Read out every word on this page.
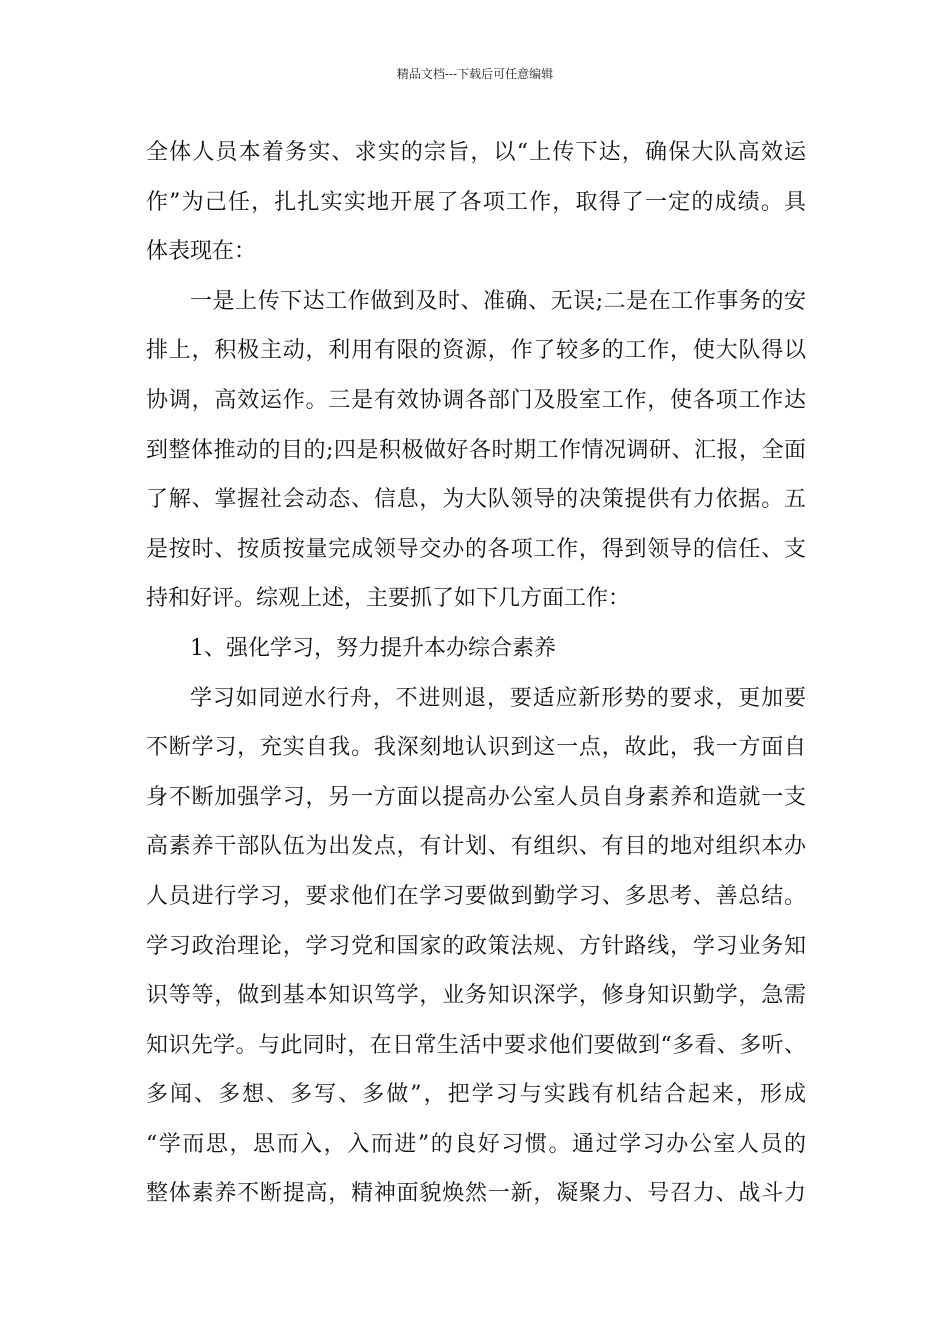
精品文档---下载后可任意编辑
全体人员本着务实、求实的宗旨，以“上传下达，确保大队高效运
作”为己任，扎扎实实地开展了各项工作，取得了一定的成绩。具
体表现在：
一是上传下达工作做到及时、准确、无误;二是在工作事务的安
排上，积极主动，利用有限的资源，作了较多的工作，使大队得以
协调，高效运作。三是有效协调各部门及股室工作，使各项工作达
到整体推动的目的;四是积极做好各时期工作情况调研、汇报，全面
了解、掌握社会动态、信息，为大队领导的决策提供有力依据。五
是按时、按质按量完成领导交办的各项工作，得到领导的信任、支
持和好评。综观上述，主要抓了如下几方面工作：
1、强化学习，努力提升本办综合素养
学习如同逆水行舟，不进则退，要适应新形势的要求，更加要
不断学习，充实自我。我深刻地认识到这一点，故此，我一方面自
身不断加强学习，另一方面以提高办公室人员自身素养和造就一支
高素养干部队伍为出发点，有计划、有组织、有目的地对组织本办
人员进行学习，要求他们在学习要做到勤学习、多思考、善总结。
学习政治理论，学习党和国家的政策法规、方针路线，学习业务知
识等等，做到基本知识笃学，业务知识深学，修身知识勤学，急需
知识先学。与此同时，在日常生活中要求他们要做到“多看、多听、
多闻、多想、多写、多做”，把学习与实践有机结合起来，形成
“学而思，思而入，入而进”的良好习惯。通过学习办公室人员的
整体素养不断提高，精神面貌焕然一新，凝聚力、号召力、战斗力
